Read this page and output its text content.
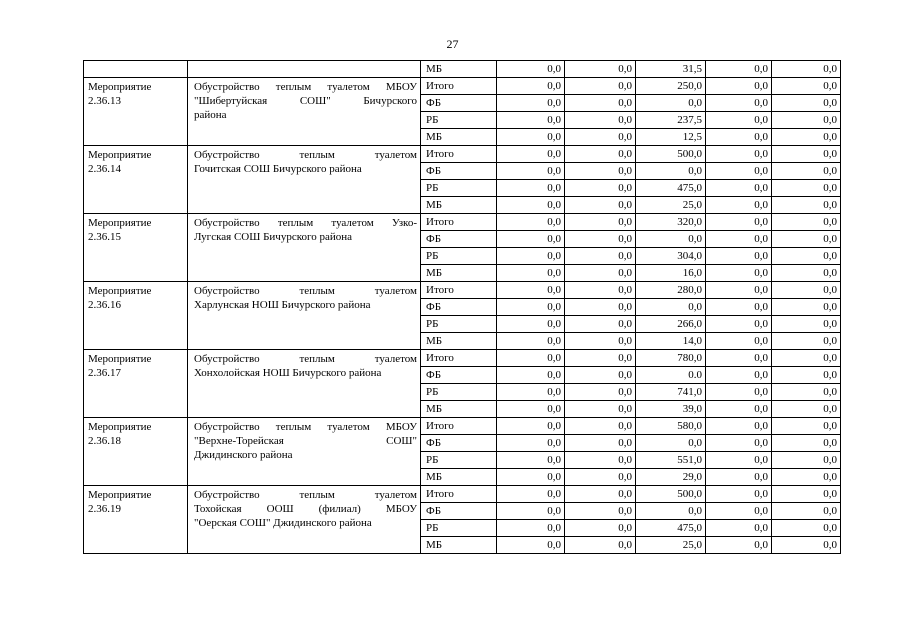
27
		МБ	0,0	0,0	31,5	0,0	0,0

Мероприятие
2.36.13	Обустройство теплым туалетом МБОУ
"Шибертуйская СОШ" Бичурского
района	Итого	0,0	0,0	250,0	0,0	0,0
		ФБ	0,0	0,0	0,0	0,0	0,0
		РБ	0,0	0,0	237,5	0,0	0,0
		МБ	0,0	0,0	12,5	0,0	0,0

Мероприятие
2.36.14	Обустройство теплым туалетом
Гочитская СОШ Бичурского района	Итого	0,0	0,0	500,0	0,0	0,0
		ФБ	0,0	0,0	0,0	0,0	0,0
		РБ	0,0	0,0	475,0	0,0	0,0
		МБ	0,0	0,0	25,0	0,0	0,0

Мероприятие
2.36.15	Обустройство теплым туалетом Узко-
Лугская СОШ Бичурского района	Итого	0,0	0,0	320,0	0,0	0,0
		ФБ	0,0	0,0	0,0	0,0	0,0
		РБ	0,0	0,0	304,0	0,0	0,0
		МБ	0,0	0,0	16,0	0,0	0,0

Мероприятие
2.36.16	Обустройство теплым туалетом
Харлунская НОШ Бичурского района	Итого	0,0	0,0	280,0	0,0	0,0
		ФБ	0,0	0,0	0,0	0,0	0,0
		РБ	0,0	0,0	266,0	0,0	0,0
		МБ	0,0	0,0	14,0	0,0	0,0

Мероприятие
2.36.17	Обустройство теплым туалетом
Хонхолойская НОШ Бичурского района	Итого	0,0	0,0	780,0	0,0	0,0
		ФБ	0,0	0,0	0.0	0,0	0,0
		РБ	0,0	0,0	741,0	0,0	0,0
		МБ	0,0	0,0	39,0	0,0	0,0

Мероприятие
2.36.18	Обустройство теплым туалетом МБОУ
"Верхне-Торейская СОШ"
Джидинского района	Итого	0,0	0,0	580,0	0,0	0,0
		ФБ	0,0	0,0	0,0	0,0	0,0
		РБ	0,0	0,0	551,0	0,0	0,0
		МБ	0,0	0,0	29,0	0,0	0,0

Мероприятие
2.36.19	Обустройство теплым туалетом
Тохойская ООШ (филиал) МБОУ
"Оерская СОШ" Джидинского района	Итого	0,0	0,0	500,0	0,0	0,0
		ФБ	0,0	0,0	0,0	0,0	0,0
		РБ	0,0	0,0	475,0	0,0	0,0
		МБ	0,0	0,0	25,0	0,0	0,0
